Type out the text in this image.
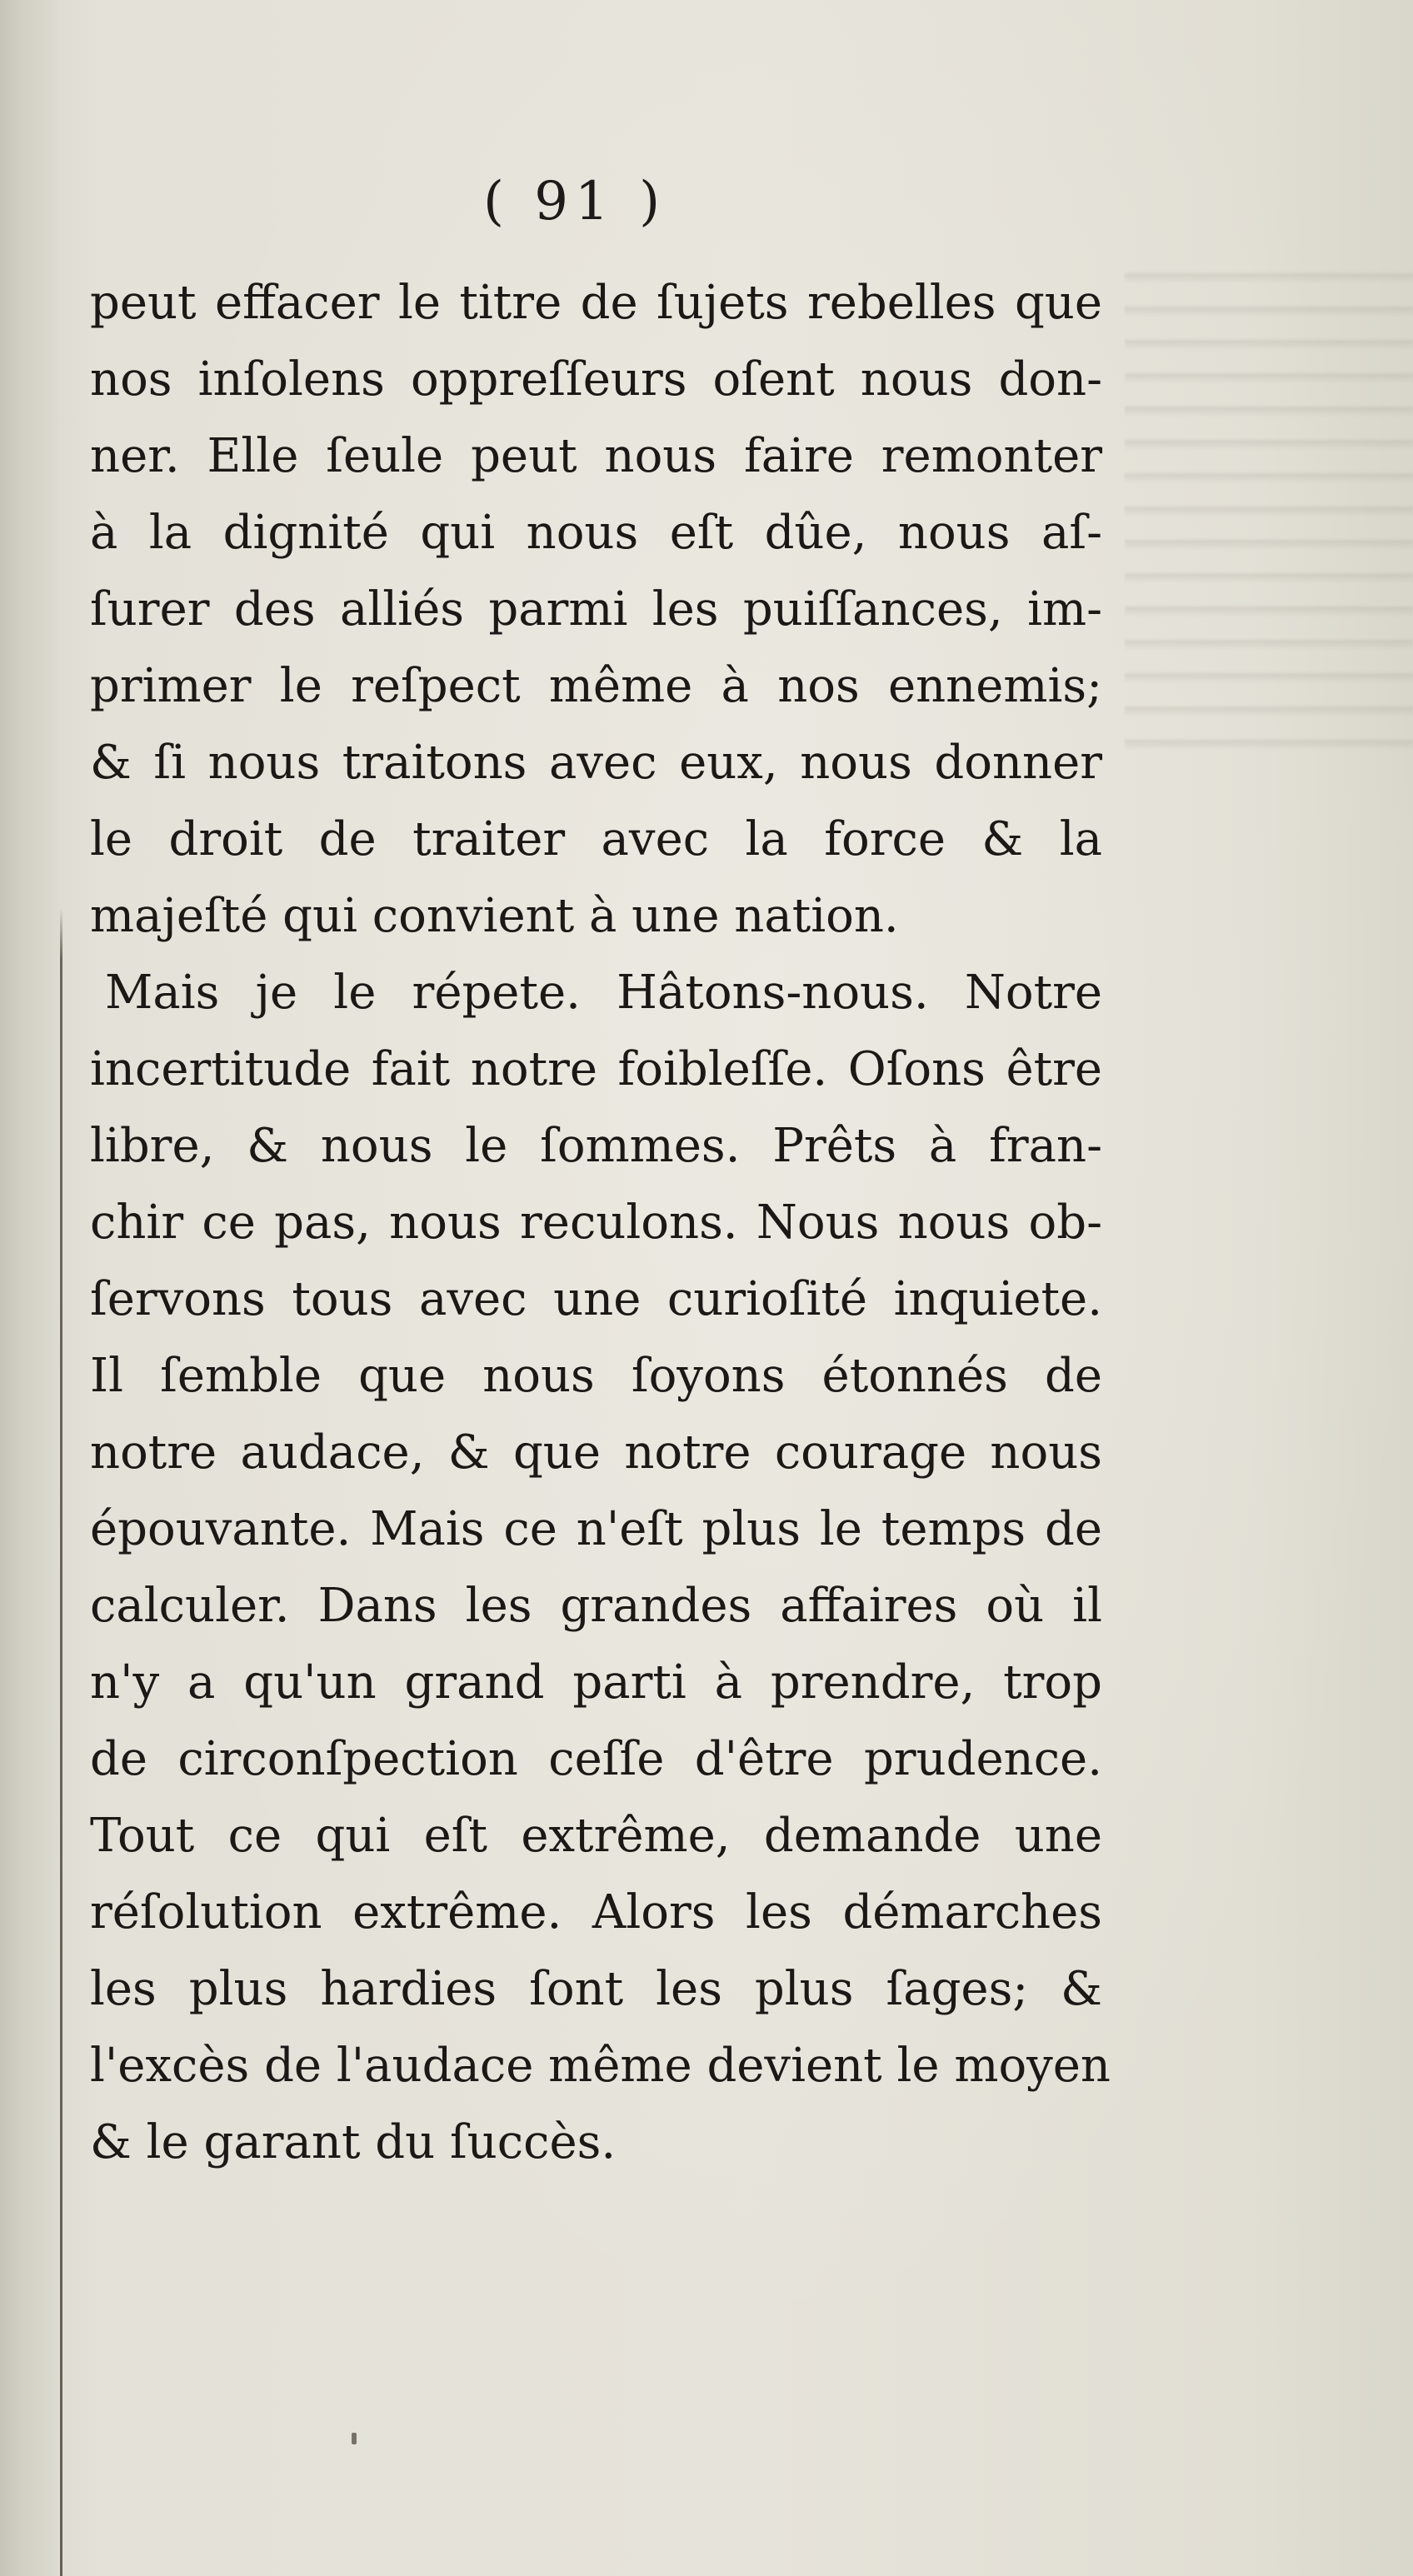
( 91 )
peut effacer le titre de ſujets rebelles que
nos inſolens oppreſſeurs oſent nous don-
ner. Elle ſeule peut nous faire remonter
à la dignité qui nous eſt dûe, nous aſ-
ſurer des alliés parmi les puiſſances, im-
primer le reſpect même à nos ennemis;
& ſi nous traitons avec eux, nous donner
le droit de traiter avec la force & la
majeſté qui convient à une nation.
Mais je le répete. Hâtons-nous. Notre
incertitude fait notre foibleſſe. Oſons être
libre, & nous le ſommes. Prêts à fran-
chir ce pas, nous reculons. Nous nous ob-
ſervons tous avec une curioſité inquiete.
Il ſemble que nous ſoyons étonnés de
notre audace, & que notre courage nous
épouvante. Mais ce n'eſt plus le temps de
calculer. Dans les grandes affaires où il
n'y a qu'un grand parti à prendre, trop
de circonſpection ceſſe d'être prudence.
Tout ce qui eſt extrême, demande une
réſolution extrême. Alors les démarches
les plus hardies ſont les plus ſages; &
l'excès de l'audace même devient le moyen
& le garant du ſuccès.
